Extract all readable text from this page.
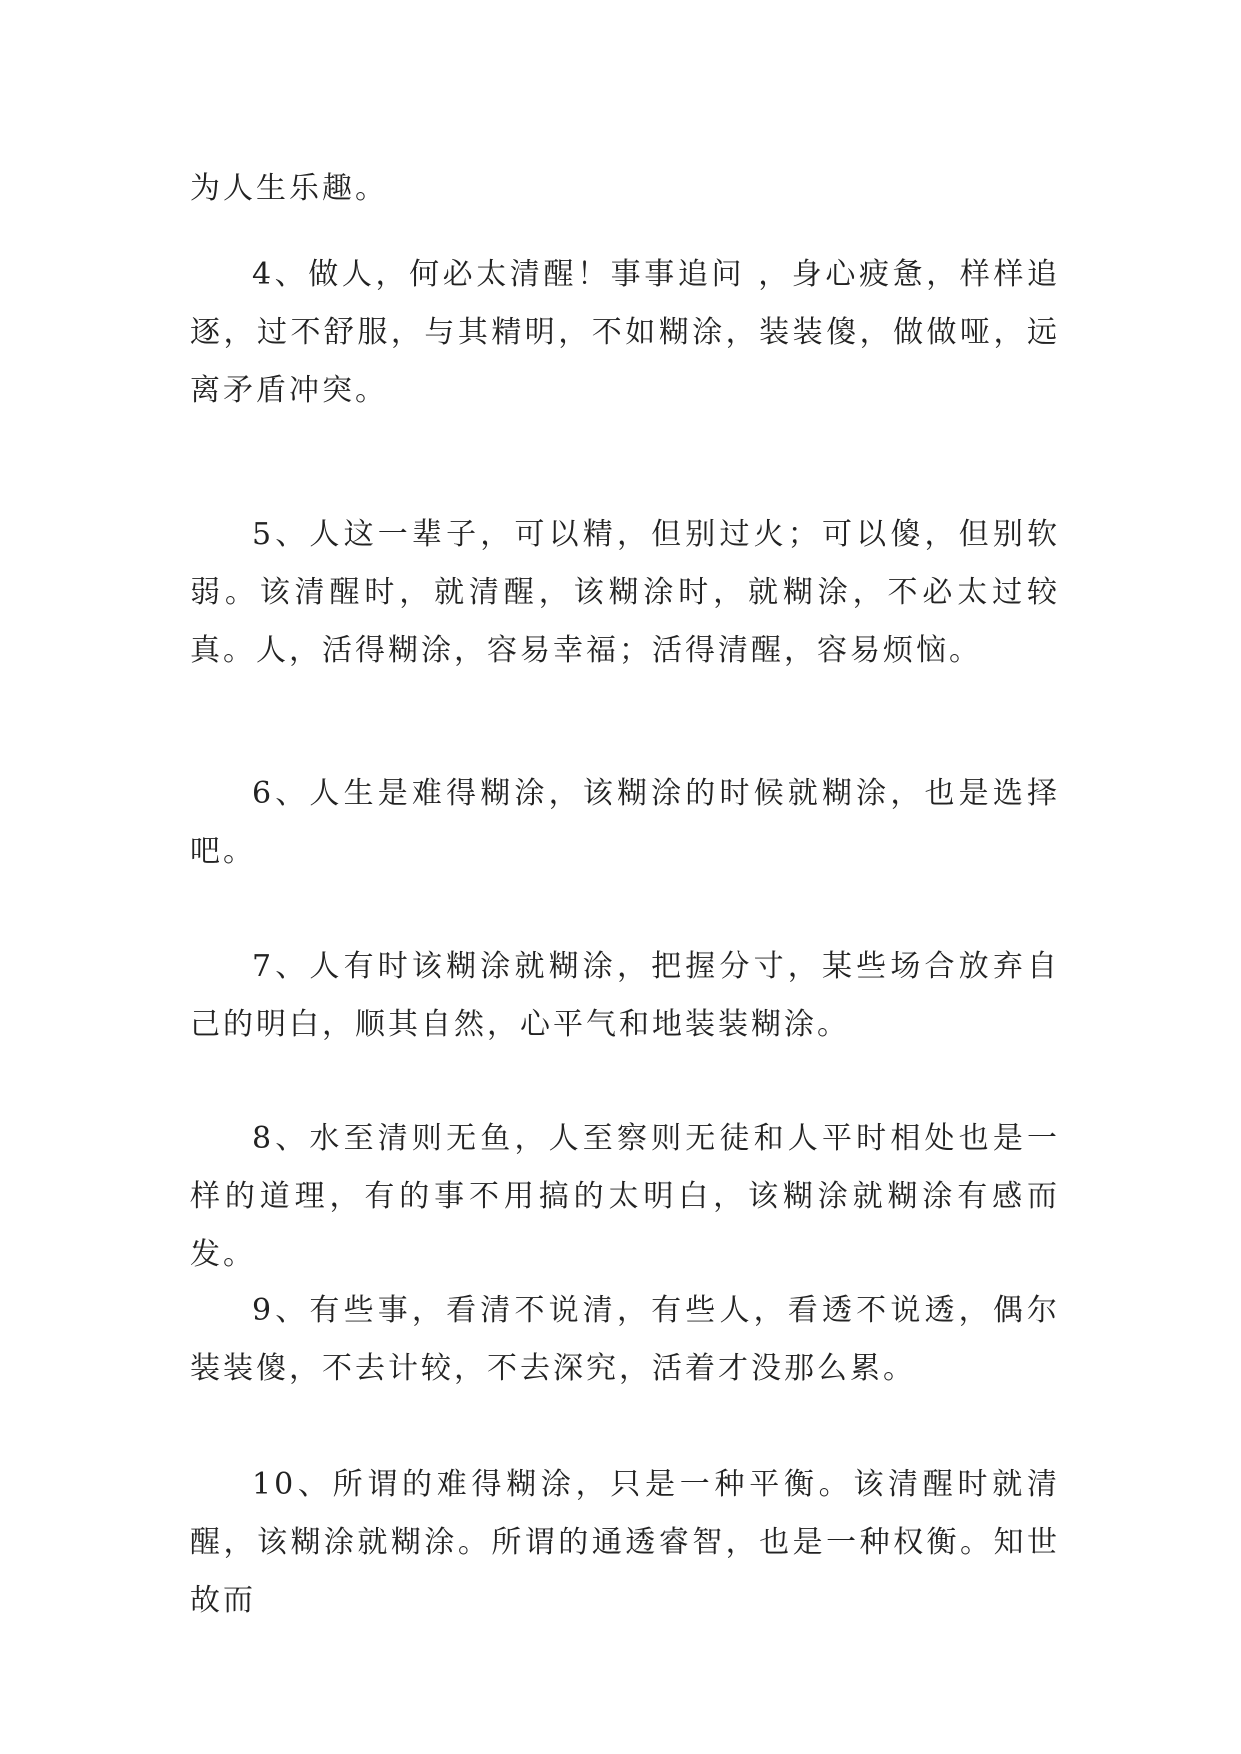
为人生乐趣。

4、做人，何必太清醒！事事追问 ，身心疲惫，样样追逐，过不舒服，与其精明，不如糊涂，装装傻，做做哑，远离矛盾冲突。

5、人这一辈子，可以精，但别过火；可以傻，但别软弱。该清醒时，就清醒，该糊涂时，就糊涂，不必太过较真。人，活得糊涂，容易幸福；活得清醒，容易烦恼。

6、人生是难得糊涂，该糊涂的时候就糊涂，也是选择吧。

7、人有时该糊涂就糊涂，把握分寸，某些场合放弃自己的明白，顺其自然，心平气和地装装糊涂。

8、水至清则无鱼，人至察则无徒和人平时相处也是一样的道理，有的事不用搞的太明白，该糊涂就糊涂有感而发。

9、有些事，看清不说清，有些人，看透不说透，偶尔装装傻，不去计较，不去深究，活着才没那么累。

10、所谓的难得糊涂，只是一种平衡。该清醒时就清醒，该糊涂就糊涂。所谓的通透睿智，也是一种权衡。知世故而
